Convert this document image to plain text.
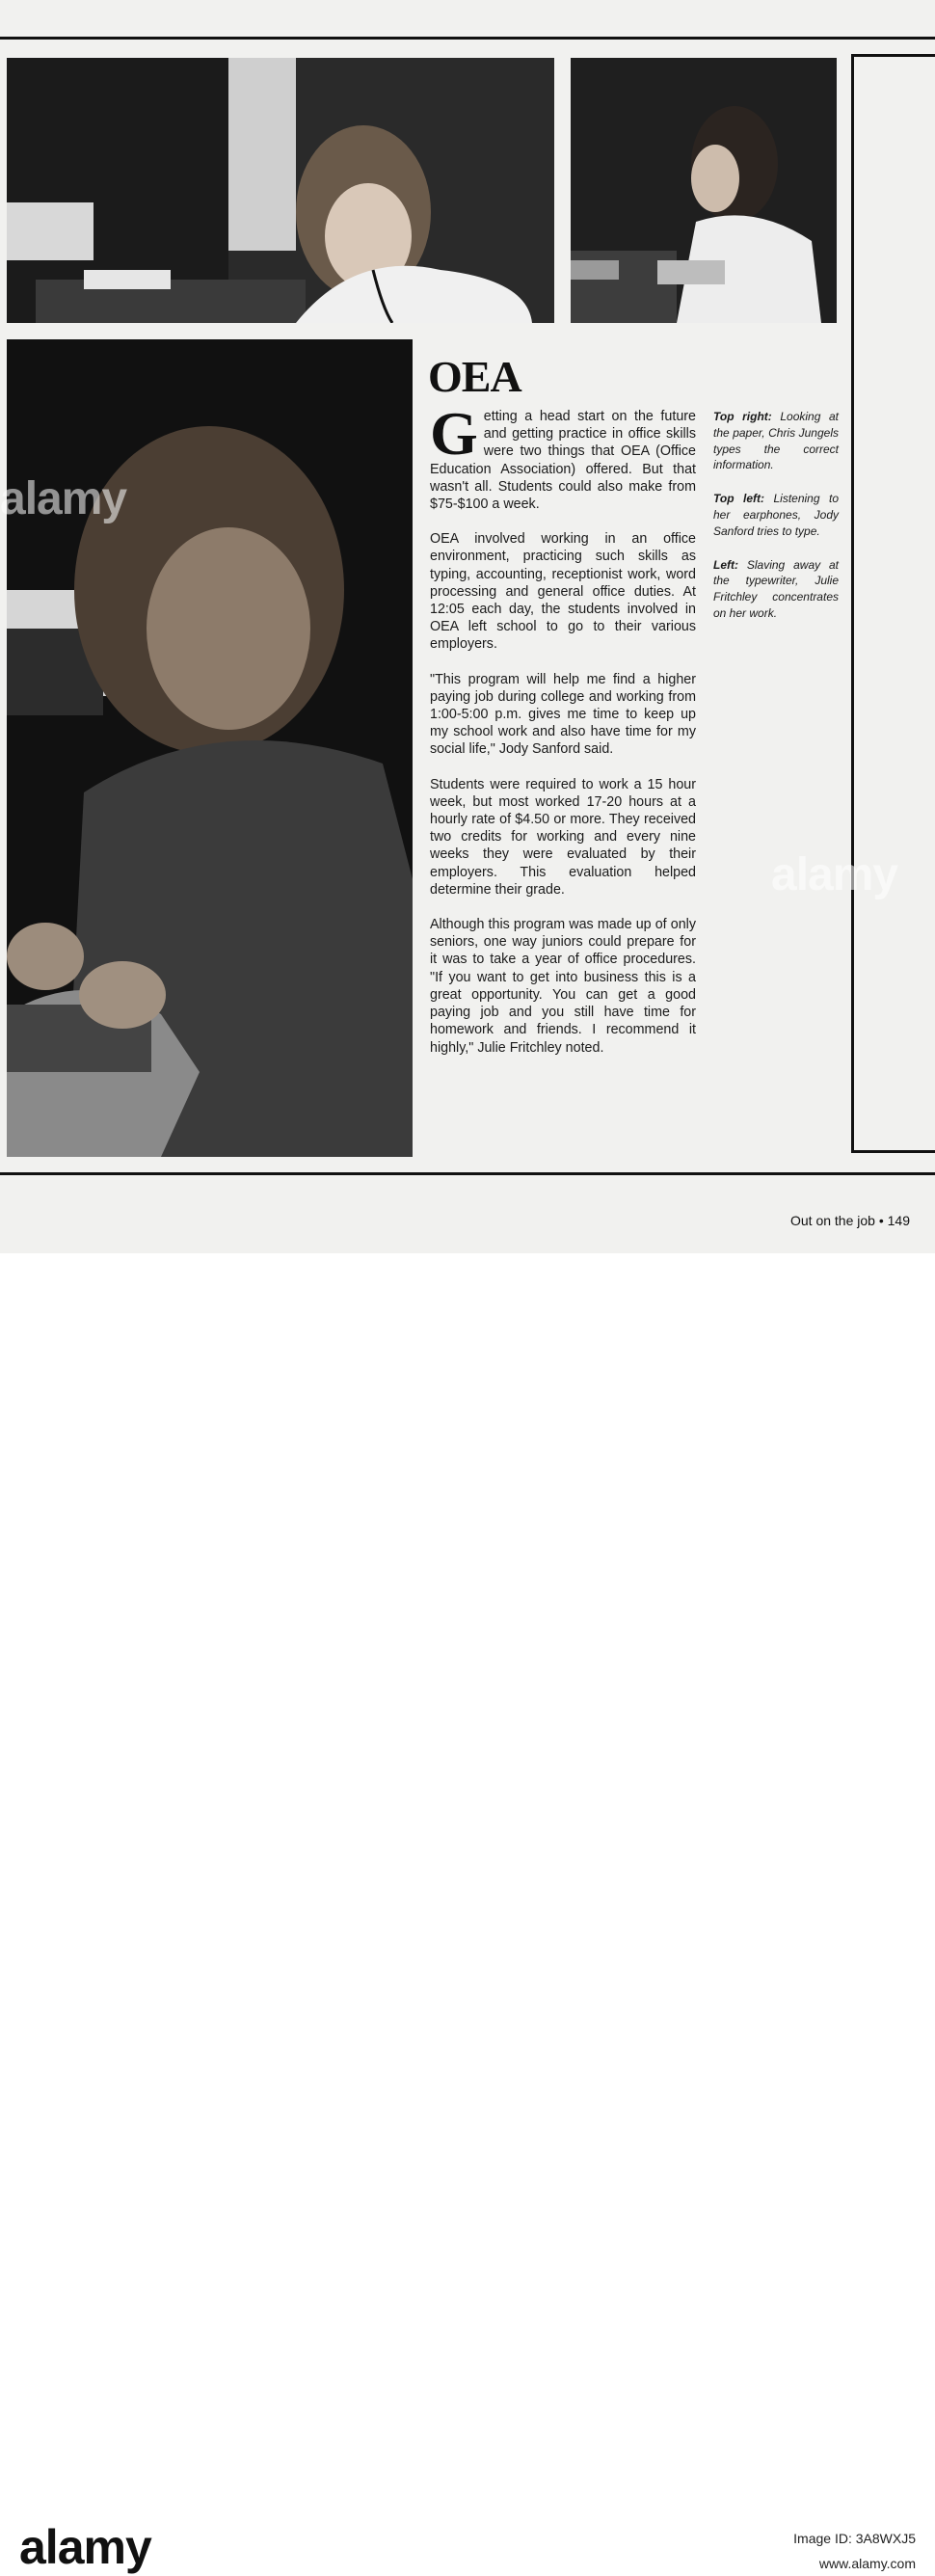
OEA

Getting a head start on the future and getting practice in office skills were two things that OEA (Office Education Association) offered. But that wasn't all. Students could also make from $75-$100 a week.

OEA involved working in an office environment, practicing such skills as typing, accounting, receptionist work, word processing and general office duties. At 12:05 each day, the students involved in OEA left school to go to their various employers.

"This program will help me find a higher paying job during college and working from 1:00-5:00 p.m. gives me time to keep up my school work and also have time for my social life," Jody Sanford said.

Students were required to work a 15 hour week, but most worked 17-20 hours at a hourly rate of $4.50 or more. They received two credits for working and every nine weeks they were evaluated by their employers. This evaluation helped determine their grade.

Although this program was made up of only seniors, one way juniors could prepare for it was to take a year of office procedures. "If you want to get into business this is a great opportunity. You can get a good paying job and you still have time for homework and friends. I recommend it highly," Julie Fritchley noted.

Top right: Looking at the paper, Chris Jungels types the correct information.

Top left: Listening to her earphones, Jody Sanford tries to type.

Left: Slaving away at the typewriter, Julie Fritchley concentrates on her work.

Out on the job • 149
alamy
alamy
alamy	Image ID: 3A8WXJ5
www.alamy.com
